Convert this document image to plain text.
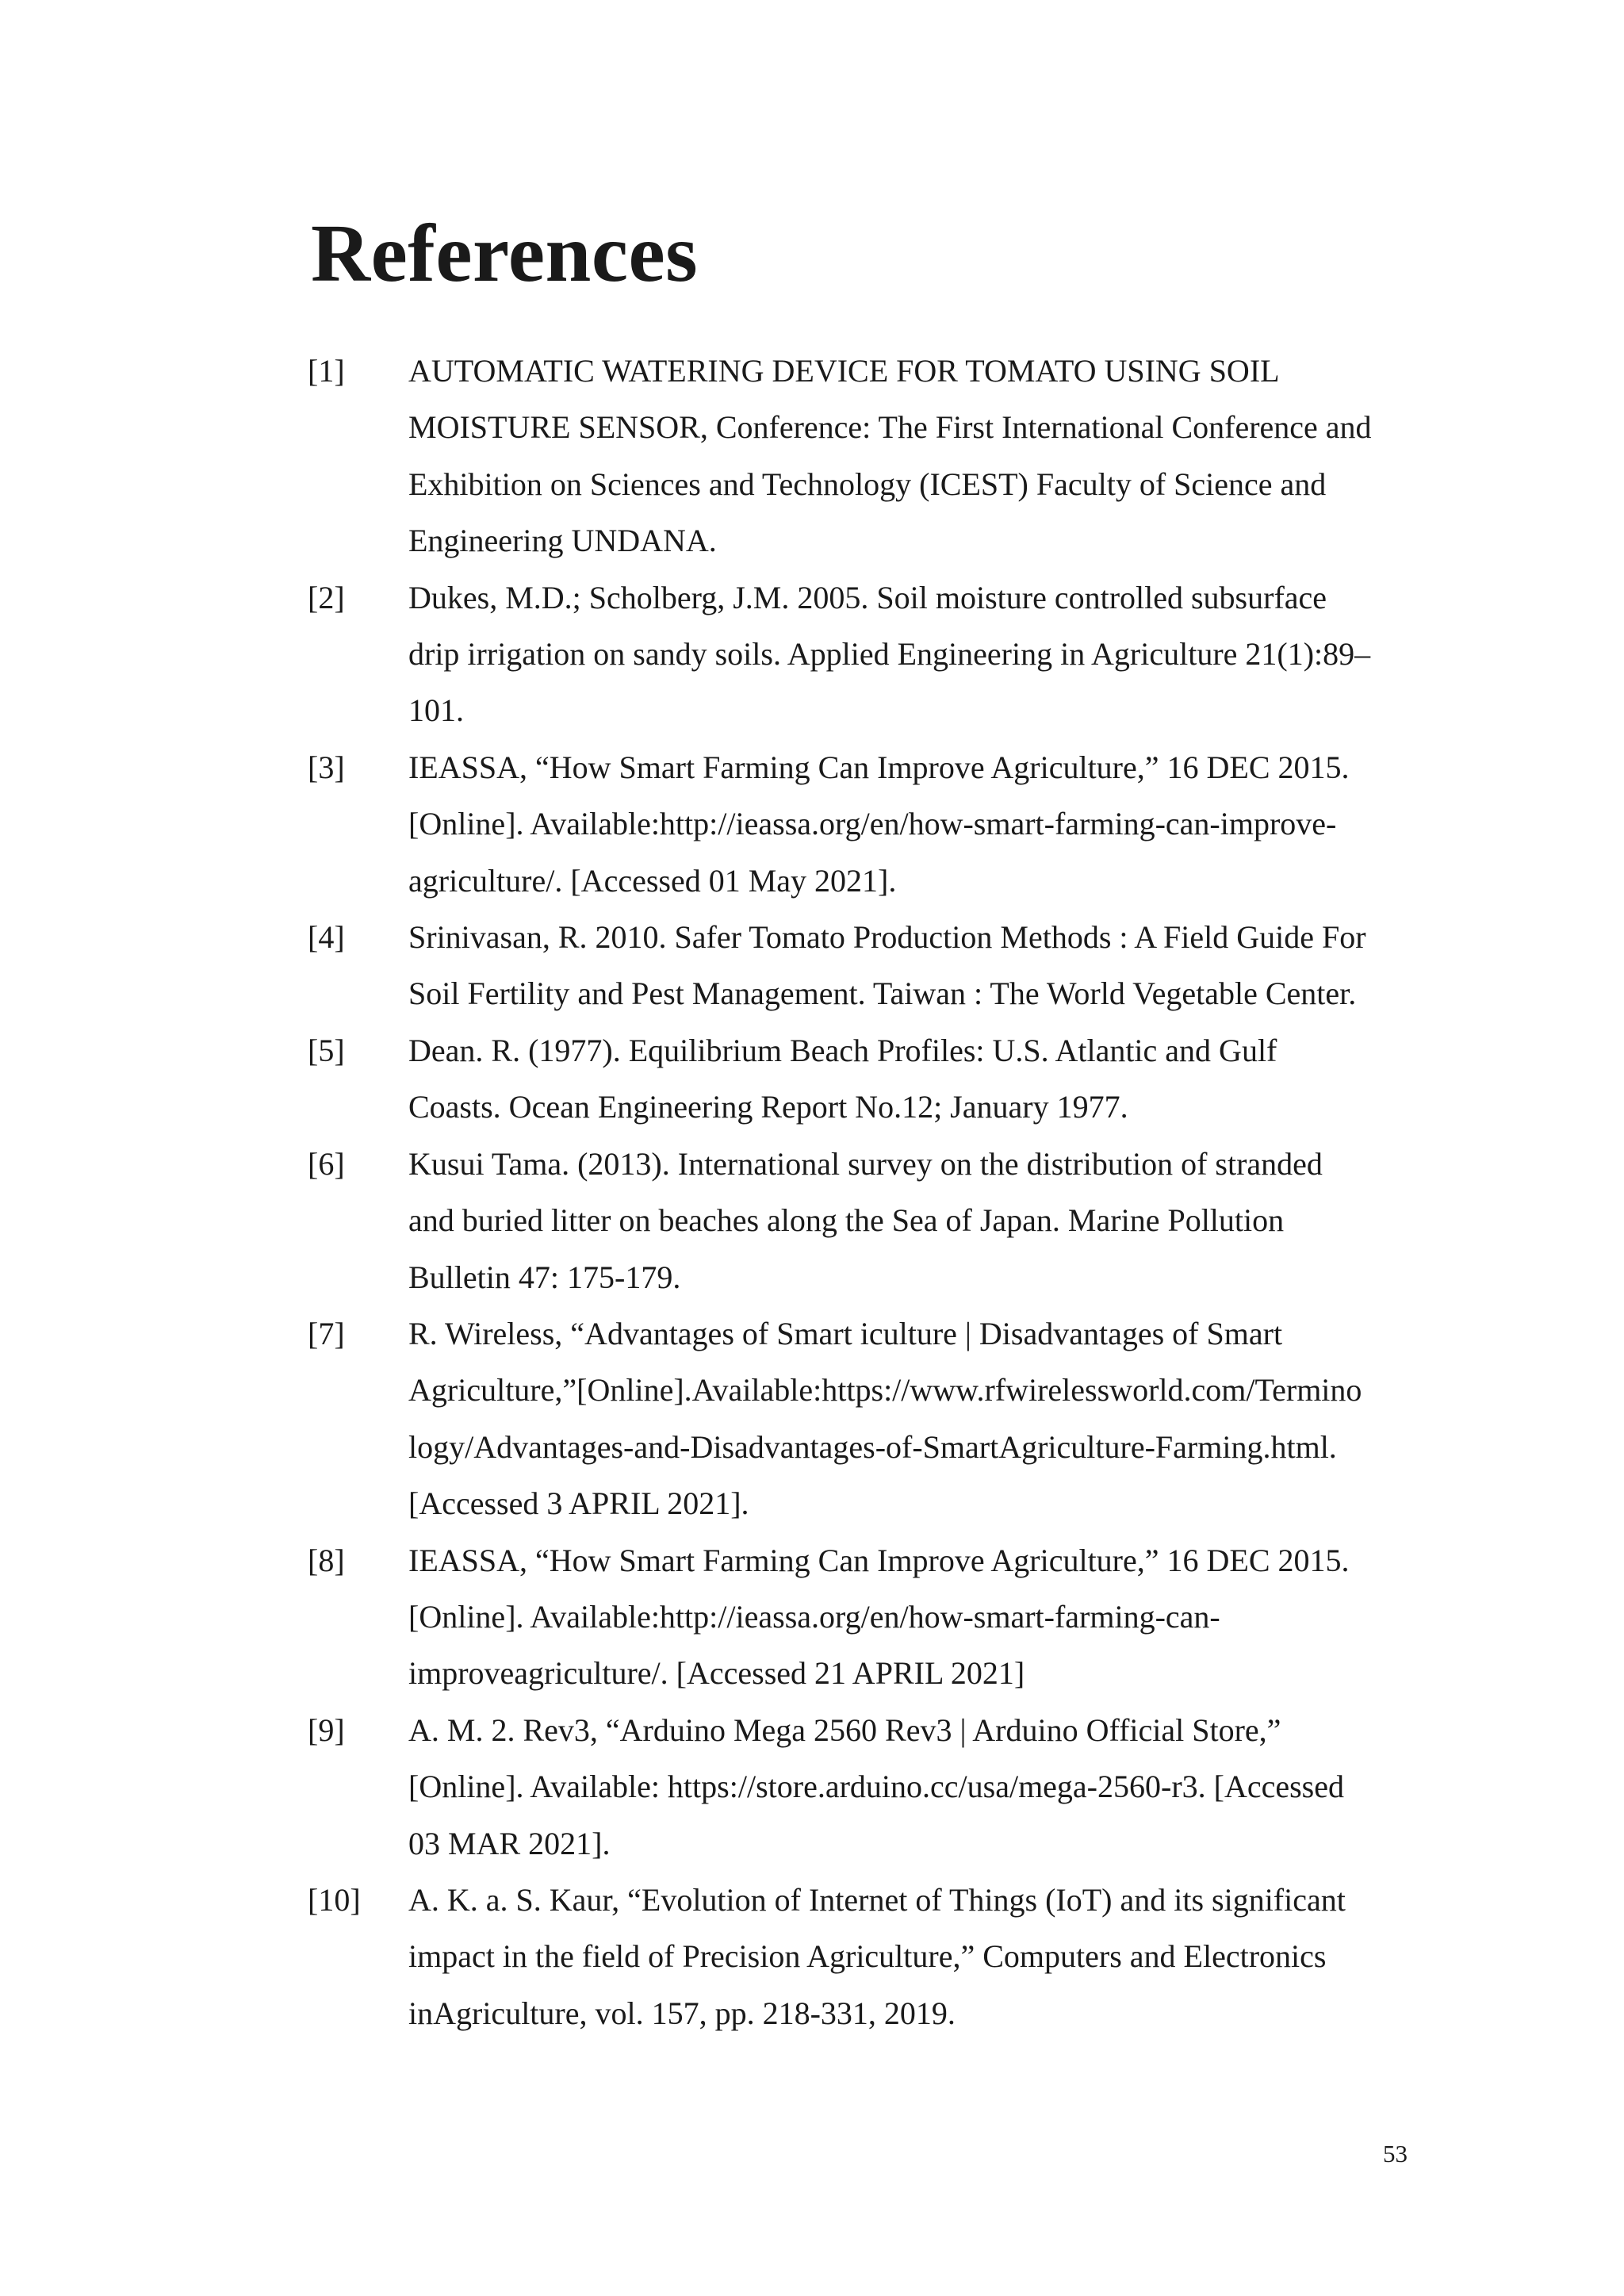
References
[1]	AUTOMATIC WATERING DEVICE FOR TOMATO USING SOIL
MOISTURE SENSOR, Conference: The First International Conference and
Exhibition on Sciences and Technology (ICEST) Faculty of Science and
Engineering UNDANA.
[2]	Dukes, M.D.; Scholberg, J.M. 2005. Soil moisture controlled subsurface
drip irrigation on sandy soils. Applied Engineering in Agriculture 21(1):89–
101.
[3]	IEASSA, “How Smart Farming Can Improve Agriculture,” 16 DEC 2015.
[Online]. Available:http://ieassa.org/en/how-smart-farming-can-improve-
agriculture/. [Accessed 01 May 2021].
[4]	Srinivasan, R. 2010. Safer Tomato Production Methods : A Field Guide For
Soil Fertility and Pest Management. Taiwan : The World Vegetable Center.
[5]	Dean. R. (1977). Equilibrium Beach Profiles: U.S. Atlantic and Gulf
Coasts. Ocean Engineering Report No.12; January 1977.
[6]	Kusui Tama. (2013). International survey on the distribution of stranded
and buried litter on beaches along the Sea of Japan. Marine Pollution
Bulletin 47: 175-179.
[7]	R. Wireless, “Advantages of Smart iculture | Disadvantages of Smart
Agriculture,”[Online].Available:https://www.rfwirelessworld.com/Termino
logy/Advantages-and-Disadvantages-of-SmartAgriculture-Farming.html.
[Accessed 3 APRIL 2021].
[8]	IEASSA, “How Smart Farming Can Improve Agriculture,” 16 DEC 2015.
[Online]. Available:http://ieassa.org/en/how-smart-farming-can-
improveagriculture/. [Accessed 21 APRIL 2021]
[9]	A. M. 2. Rev3, “Arduino Mega 2560 Rev3 | Arduino Official Store,”
[Online]. Available: https://store.arduino.cc/usa/mega-2560-r3. [Accessed
03 MAR 2021].
[10]	A. K. a. S. Kaur, “Evolution of Internet of Things (IoT) and its significant
impact in the field of Precision Agriculture,” Computers and Electronics
inAgriculture, vol. 157, pp. 218-331, 2019.
53
